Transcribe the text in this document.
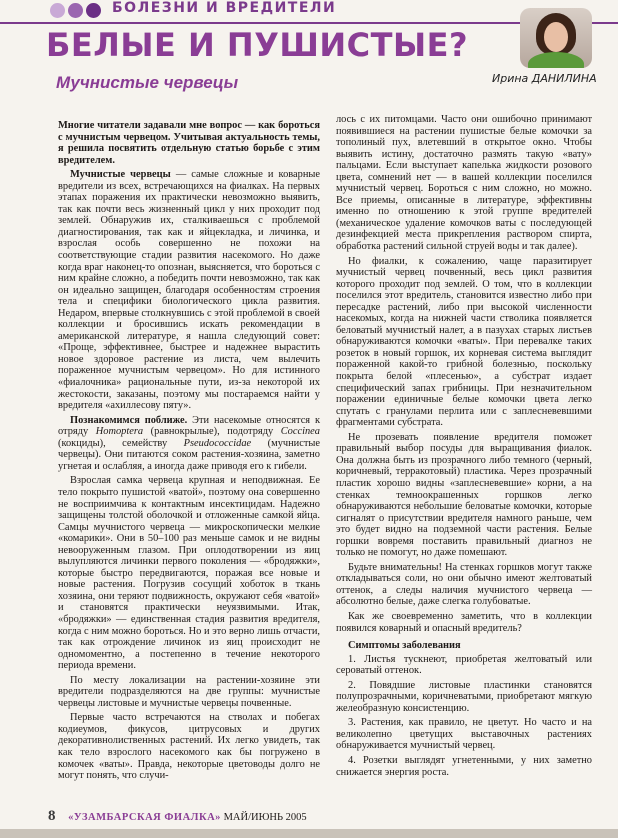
БОЛЕЗНИ И ВРЕДИТЕЛИ
БЕЛЫЕ И ПУШИСТЫЕ?
Мучнистые червецы	Ирина ДАНИЛИНА

Многие читатели задавали мне вопрос — как бороться с мучнистым червецом. Учитывая актуальность темы, я решила посвятить отдельную статью борьбе с этим вредителем.

Мучнистые червецы — самые сложные и коварные вредители из всех, встречающихся на фиалках. На первых этапах поражения их практически невозможно выявить, так как почти весь жизненный цикл у них проходит под землей. Обнаружив их, сталкиваешься с проблемой диагностирования, так как и яйцекладка, и личинка, и взрослая особь совершенно не похожи на соответствующие стадии развития насекомого. Но даже когда враг наконец-то опознан, выясняется, что бороться с ним крайне сложно, а победить почти невозможно, так как он идеально защищен, благодаря особенностям строения тела и специфики биологического цикла развития. Недаром, впервые столкнувшись с этой проблемой в своей коллекции и бросившись искать рекомендации в американской литературе, я нашла следующий совет: «Проще, эффективнее, быстрее и надежнее вырастить новое здоровое растение из листа, чем вылечить пораженное мучнистым червецом». Но для истинного «фиалочника» рациональные пути, из-за некоторой их жестокости, заказаны, поэтому мы постараемся найти у вредителя «ахиллесову пяту».

Познакомимся поближе. Эти насекомые относятся к отряду Homoptera (равнокрылые), подотряду Coccinea (кокциды), семейству Pseudococcidae (мучнистые червецы). Они питаются соком растения-хозяина, заметно угнетая и ослабляя, а иногда даже приводя его к гибели.

Взрослая самка червеца крупная и неподвижная. Ее тело покрыто пушистой «ватой», поэтому она совершенно не восприимчива к контактным инсектицидам. Надежно защищены толстой оболочкой и отложенные самкой яйца. Самцы мучнистого червеца — микроскопически мелкие «комарики». Они в 50–100 раз меньше самок и не видны невооруженным глазом. При оплодотворении из яиц вылупляются личинки первого поколения — «бродяжки», которые быстро передвигаются, поражая все новые и новые растения. Погрузив сосущий хоботок в ткань хозяина, они теряют подвижность, окружают себя «ватой» и становятся практически неуязвимыми. Итак, «бродяжки» — единственная стадия развития вредителя, когда с ним можно бороться. Но и это верно лишь отчасти, так как отрождение личинок из яиц происходит не одномоментно, а постепенно в течение некоторого периода времени.

По месту локализации на растении-хозяине эти вредители подразделяются на две группы: мучнистые червецы листовые и мучнистые червецы почвенные.

Первые часто встречаются на стволах и побегах кодиеумов, фикусов, цитрусовых и других декоративнолиственных растений. Их легко увидеть, так как тело взрослого насекомого как бы погружено в комочек «ваты». Правда, некоторые цветоводы долго не могут понять, что случи-

лось с их питомцами. Часто они ошибочно принимают появившиеся на растении пушистые белые комочки за тополиный пух, влетевший в открытое окно. Чтобы выявить истину, достаточно размять такую «вату» пальцами. Если выступает капелька жидкости розового цвета, сомнений нет — в вашей коллекции поселился мучнистый червец. Бороться с ним сложно, но можно. Все приемы, описанные в литературе, эффективны именно по отношению к этой группе вредителей (механическое удаление комочков ваты с последующей дезинфекцией места прикрепления раствором спирта, обработка растений сильной струей воды и так далее).

Но фиалки, к сожалению, чаще паразитирует мучнистый червец почвенный, весь цикл развития которого проходит под землей. О том, что в коллекции поселился этот вредитель, становится известно либо при пересадке растений, либо при высокой численности насекомых, когда на нижней части стволика появляется беловатый мучнистый налет, а в пазухах старых листьев обнаруживаются комочки «ваты». При перевалке таких розеток в новый горшок, их корневая система выглядит пораженной какой-то грибной болезнью, поскольку покрыта белой «плесенью», а субстрат издает специфический запах грибницы. При незначительном поражении единичные белые комочки цвета легко спутать с гранулами перлита или с заплесневевшими фрагментами субстрата.

Не прозевать появление вредителя поможет правильный выбор посуды для выращивания фиалок. Она должна быть из прозрачного либо темного (черный, коричневый, терракотовый) пластика. Через прозрачный пластик хорошо видны «заплесневевшие» корни, а на стенках темноокрашенных горшков легко обнаруживаются небольшие беловатые комочки, которые сигналят о присутствии вредителя намного раньше, чем это будет видно на подземной части растения. Белые горшки вовремя поставить правильный диагноз не только не помогут, но даже помешают.

Будьте внимательны! На стенках горшков могут также откладываться соли, но они обычно имеют желтоватый оттенок, а следы наличия мучнистого червеца — абсолютно белые, даже слегка голубоватые.

Как же своевременно заметить, что в коллекции появился коварный и опасный вредитель?

Симптомы заболевания

1. Листья тускнеют, приобретая желтоватый или сероватый оттенок.

2. Повядшие листовые пластинки становятся полупрозрачными, коричневатыми, приобретают мягкую желеобразную консистенцию.

3. Растения, как правило, не цветут. Но часто и на великолепно цветущих выставочных растениях обнаруживается мучнистый червец.

4. Розетки выглядят угнетенными, у них заметно снижается энергия роста.

8 «УЗАМБАРСКАЯ ФИАЛКА» МАЙ/ИЮНЬ 2005
